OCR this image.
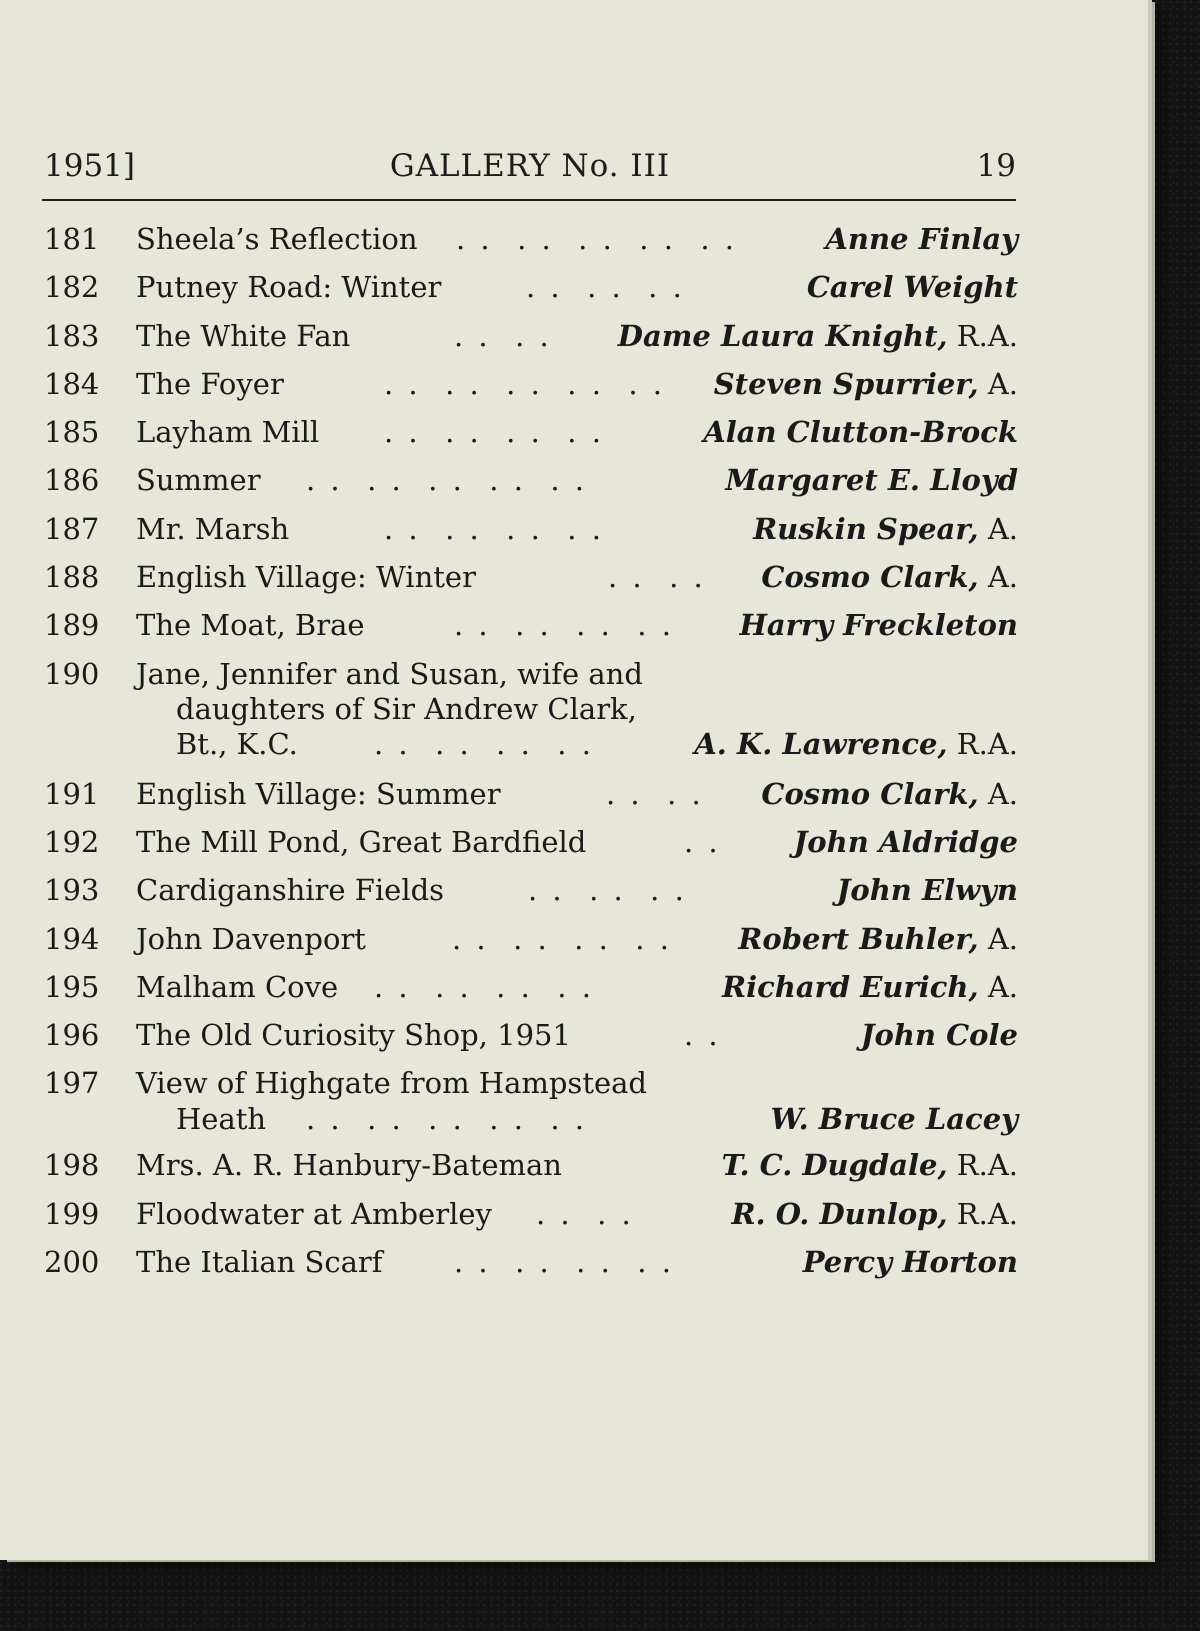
1951]	GALLERY No. III	19
181 Sheela’s Reflection . .  . .  . .  . .  . .	Anne Finlay
182 Putney Road: Winter	. .  . .  . .	Carel Weight
183 The White Fan	. .  . . Dame Laura Knight, R.A.
184 The Foyer	. .  . .  . .  . .  . . Steven Spurrier, A.
185 Layham Mill . .  . .  . .  . .	Alan Clutton-Brock
186 Summer . .  . .  . .  . .  . .	Margaret E. Lloyd
187 Mr. Marsh	. .  . .  . .  . .	Ruskin Spear, A.
188 English Village: Winter	. .  . . Cosmo Clark, A.
189 The Moat, Brae	. .  . .  . .  . . Harry Freckleton
190 Jane, Jennifer and Susan, wife and
daughters of Sir Andrew Clark,
Bt., K.C.	. .  . .  . .  . .	A. K. Lawrence, R.A.
191 English Village: Summer	. .  . . Cosmo Clark, A.
192 The Mill Pond, Great Bardfield	. .	John Aldridge
193 Cardiganshire Fields	. .  . .  . .	John Elwyn
194 John Davenport	. .  . .  . .  . . Robert Buhler, A.
195 Malham Cove . .  . .  . .  . .	Richard Eurich, A.
196 The Old Curiosity Shop, 1951	. .	John Cole
197 View of Highgate from Hampstead
Heath . .  . .  . .  . .  . .	W. Bruce Lacey
198 Mrs. A. R. Hanbury-Bateman	T. C. Dugdale, R.A.
199 Floodwater at Amberley . .  . .	R. O. Dunlop, R.A.
200 The Italian Scarf . .  . .  . .  . .	Percy Horton
